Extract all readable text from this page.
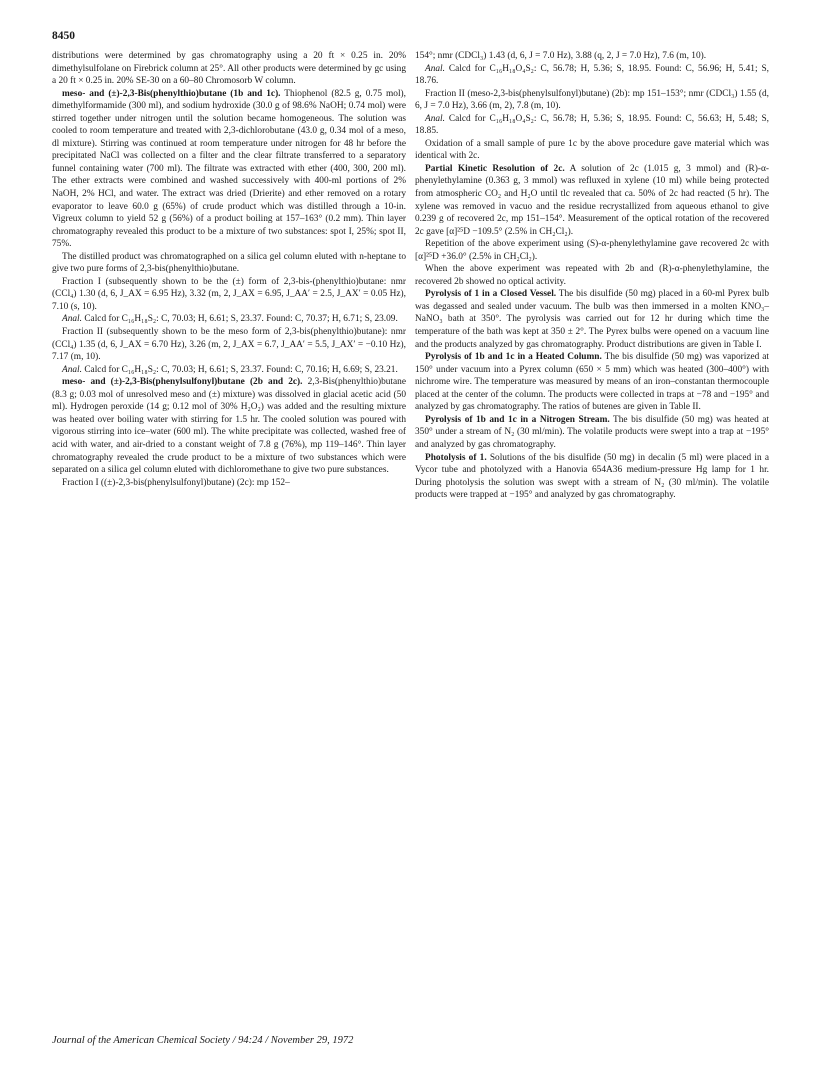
8450

distributions were determined by gas chromatography using a 20 ft × 0.25 in. 20% dimethylsulfolane on Firebrick column at 25°. All other products were determined by gc using a 20 ft × 0.25 in. 20% SE-30 on a 60–80 Chromosorb W column.

meso- and (±)-2,3-Bis(phenylthio)butane (1b and 1c). Thiophenol (82.5 g, 0.75 mol), dimethylformamide (300 ml), and sodium hydroxide (30.0 g of 98.6% NaOH; 0.74 mol) were stirred together under nitrogen until the solution became homogeneous. The solution was cooled to room temperature and treated with 2,3-dichlorobutane (43.0 g, 0.34 mol of a meso, dl mixture). Stirring was continued at room temperature under nitrogen for 48 hr before the precipitated NaCl was collected on a filter and the clear filtrate transferred to a separatory funnel containing water (700 ml). The filtrate was extracted with ether (400, 300, 200 ml). The ether extracts were combined and washed successively with 400-ml portions of 2% NaOH, 2% HCl, and water. The extract was dried (Drierite) and ether removed on a rotary evaporator to leave 60.0 g (65%) of crude product which was distilled through a 10-in. Vigreux column to yield 52 g (56%) of a product boiling at 157–163° (0.2 mm). Thin layer chromatography revealed this product to be a mixture of two substances: spot I, 25%; spot II, 75%.

The distilled product was chromatographed on a silica gel column eluted with n-heptane to give two pure forms of 2,3-bis(phenylthio)butane.

Fraction I (subsequently shown to be the (±) form of 2,3-bis-(phenylthio)butane: nmr (CCl₄) 1.30 (d, 6, J_AX = 6.95 Hz), 3.32 (m, 2, J_AX = 6.95, J_AA′ = 2.5, J_AX′ = 0.05 Hz), 7.10 (s, 10).

Anal. Calcd for C₁₆H₁₈S₂: C, 70.03; H, 6.61; S, 23.37. Found: C, 70.37; H, 6.71; S, 23.09.

Fraction II (subsequently shown to be the meso form of 2,3-bis(phenylthio)butane): nmr (CCl₄) 1.35 (d, 6, J_AX = 6.70 Hz), 3.26 (m, 2, J_AX = 6.7, J_AA′ = 5.5, J_AX′ = −0.10 Hz), 7.17 (m, 10).

Anal. Calcd for C₁₆H₁₈S₂: C, 70.03; H, 6.61; S, 23.37. Found: C, 70.16; H, 6.69; S, 23.21.

meso- and (±)-2,3-Bis(phenylsulfonyl)butane (2b and 2c). 2,3-Bis(phenylthio)butane (8.3 g; 0.03 mol of unresolved meso and (±) mixture) was dissolved in glacial acetic acid (50 ml). Hydrogen peroxide (14 g; 0.12 mol of 30% H₂O₂) was added and the resulting mixture was heated over boiling water with stirring for 1.5 hr. The cooled solution was poured with vigorous stirring into ice–water (600 ml). The white precipitate was collected, washed free of acid with water, and air-dried to a constant weight of 7.8 g (76%), mp 119–146°. Thin layer chromatography revealed the crude product to be a mixture of two substances which were separated on a silica gel column eluted with dichloromethane to give two pure substances.

Fraction I ((±)-2,3-bis(phenylsulfonyl)butane) (2c): mp 152–

154°; nmr (CDCl₃) 1.43 (d, 6, J = 7.0 Hz), 3.88 (q, 2, J = 7.0 Hz), 7.6 (m, 10).

Anal. Calcd for C₁₆H₁₈O₄S₂: C, 56.78; H, 5.36; S, 18.95. Found: C, 56.96; H, 5.41; S, 18.76.

Fraction II (meso-2,3-bis(phenylsulfonyl)butane) (2b): mp 151–153°; nmr (CDCl₃) 1.55 (d, 6, J = 7.0 Hz), 3.66 (m, 2), 7.8 (m, 10).

Anal. Calcd for C₁₆H₁₈O₄S₂: C, 56.78; H, 5.36; S, 18.95. Found: C, 56.63; H, 5.48; S, 18.85.

Oxidation of a small sample of pure 1c by the above procedure gave material which was identical with 2c.

Partial Kinetic Resolution of 2c. A solution of 2c (1.015 g, 3 mmol) and (R)-α-phenylethylamine (0.363 g, 3 mmol) was refluxed in xylene (10 ml) while being protected from atmospheric CO₂ and H₂O until tlc revealed that ca. 50% of 2c had reacted (5 hr). The xylene was removed in vacuo and the residue recrystallized from aqueous ethanol to give 0.239 g of recovered 2c, mp 151–154°. Measurement of the optical rotation of the recovered 2c gave [α]²⁵D −109.5° (2.5% in CH₂Cl₂).

Repetition of the above experiment using (S)-α-phenylethylamine gave recovered 2c with [α]²⁵D +36.0° (2.5% in CH₂Cl₂).

When the above experiment was repeated with 2b and (R)-α-phenylethylamine, the recovered 2b showed no optical activity.

Pyrolysis of 1 in a Closed Vessel. The bis disulfide (50 mg) placed in a 60-ml Pyrex bulb was degassed and sealed under vacuum. The bulb was then immersed in a molten KNO₃–NaNO₃ bath at 350°. The pyrolysis was carried out for 12 hr during which time the temperature of the bath was kept at 350 ± 2°. The Pyrex bulbs were opened on a vacuum line and the products analyzed by gas chromatography. Product distributions are given in Table I.

Pyrolysis of 1b and 1c in a Heated Column. The bis disulfide (50 mg) was vaporized at 150° under vacuum into a Pyrex column (650 × 5 mm) which was heated (300–400°) with nichrome wire. The temperature was measured by means of an iron–constantan thermocouple placed at the center of the column. The products were collected in traps at −78 and −195° and analyzed by gas chromatography. The ratios of butenes are given in Table II.

Pyrolysis of 1b and 1c in a Nitrogen Stream. The bis disulfide (50 mg) was heated at 350° under a stream of N₂ (30 ml/min). The volatile products were swept into a trap at −195° and analyzed by gas chromatography.

Photolysis of 1. Solutions of the bis disulfide (50 mg) in decalin (5 ml) were placed in a Vycor tube and photolyzed with a Hanovia 654A36 medium-pressure Hg lamp for 1 hr. During photolysis the solution was swept with a stream of N₂ (30 ml/min). The volatile products were trapped at −195° and analyzed by gas chromatography.

Journal of the American Chemical Society / 94:24 / November 29, 1972
